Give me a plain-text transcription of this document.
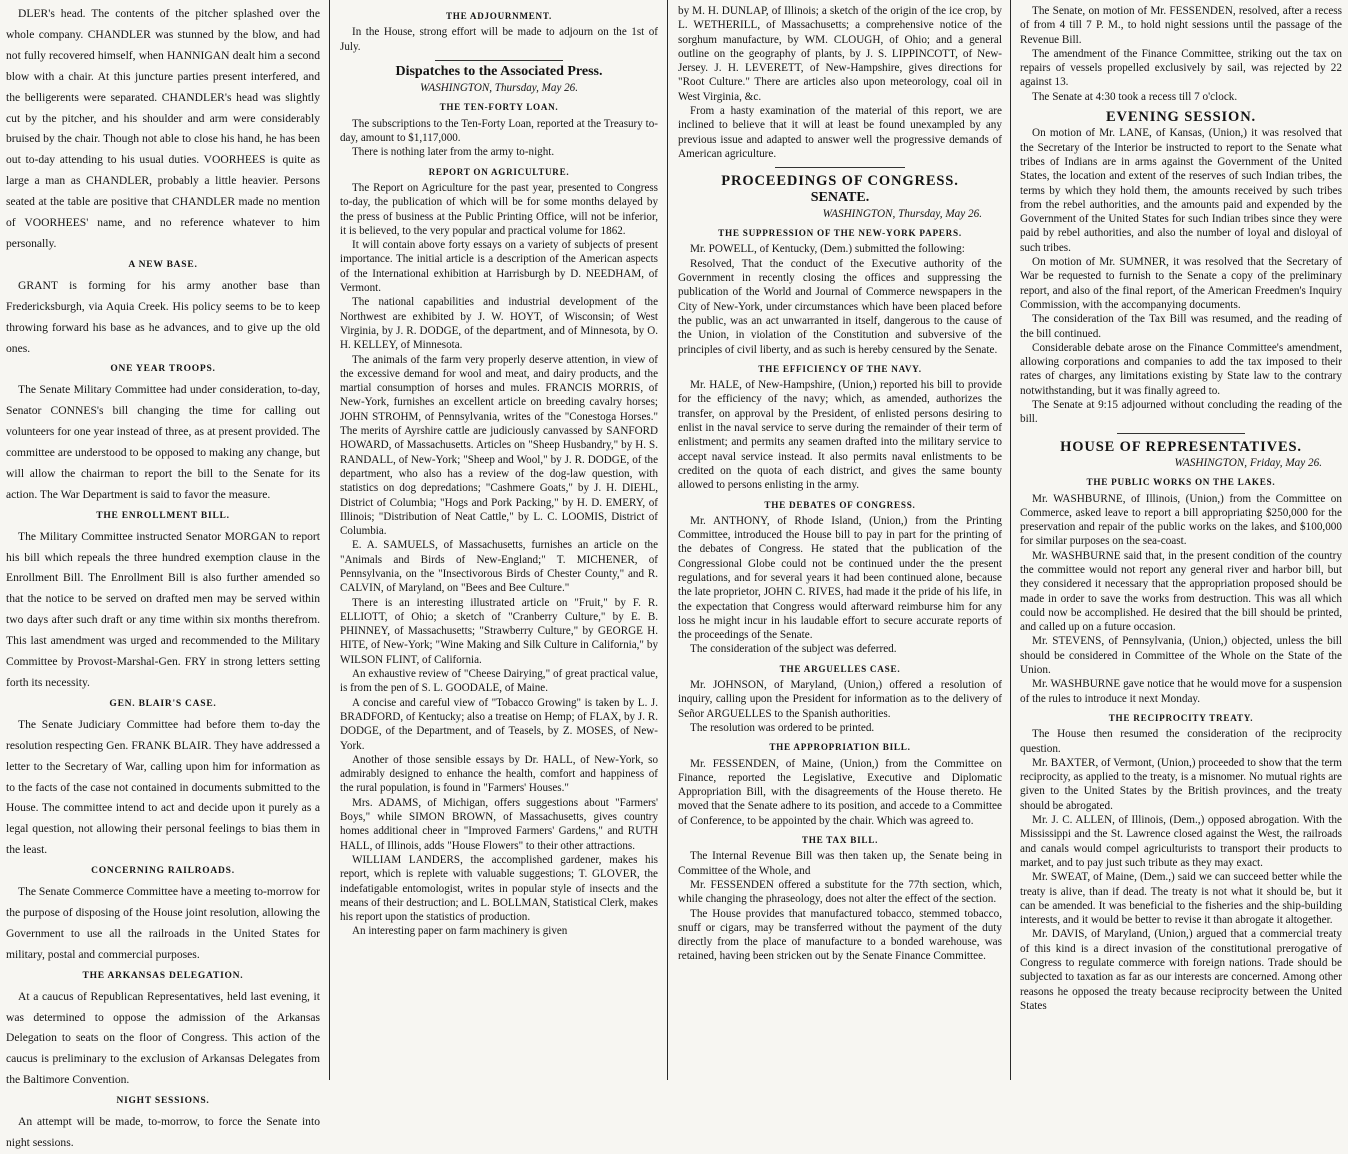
DLER's head. The contents of the pitcher splashed over the whole company. CHANDLER was stunned by the blow, and had not fully recovered himself, when HANNIGAN dealt him a second blow with a chair. At this juncture parties present interfered, and the belligerents were separated. CHANDLER's head was slightly cut by the pitcher, and his shoulder and arm were considerably bruised by the chair. Though not able to close his hand, he has been out to-day attending to his usual duties. VOORHEES is quite as large a man as CHANDLER, probably a little heavier. Persons seated at the table are positive that CHANDLER made no mention of VOORHEES' name, and no reference whatever to him personally.

A NEW BASE.

GRANT is forming for his army another base than Fredericksburgh, via Aquia Creek. His policy seems to be to keep throwing forward his base as he advances, and to give up the old ones.

ONE YEAR TROOPS.

The Senate Military Committee had under consideration, to-day, Senator CONNES's bill changing the time for calling out volunteers for one year instead of three, as at present provided. The committee are understood to be opposed to making any change, but will allow the chairman to report the bill to the Senate for its action. The War Department is said to favor the measure.

THE ENROLLMENT BILL.

The Military Committee instructed Senator MORGAN to report his bill which repeals the three hundred exemption clause in the Enrollment Bill. The Enrollment Bill is also further amended so that the notice to be served on drafted men may be served within two days after such draft or any time within six months therefrom. This last amendment was urged and recommended to the Military Committee by Provost-Marshal-Gen. FRY in strong letters setting forth its necessity.

GEN. BLAIR'S CASE.

The Senate Judiciary Committee had before them to-day the resolution respecting Gen. FRANK BLAIR. They have addressed a letter to the Secretary of War, calling upon him for information as to the facts of the case not contained in documents submitted to the House. The committee intend to act and decide upon it purely as a legal question, not allowing their personal feelings to bias them in the least.

CONCERNING RAILROADS.

The Senate Commerce Committee have a meeting to-morrow for the purpose of disposing of the House joint resolution, allowing the Government to use all the railroads in the United States for military, postal and commercial purposes.

THE ARKANSAS DELEGATION.

At a caucus of Republican Representatives, held last evening, it was determined to oppose the admission of the Arkansas Delegation to seats on the floor of Congress. This action of the caucus is preliminary to the exclusion of Arkansas Delegates from the Baltimore Convention.

NIGHT SESSIONS.

An attempt will be made, to-morrow, to force the Senate into night sessions.

THE ADJOURNMENT.

In the House, strong effort will be made to adjourn on the 1st of July.

Dispatches to the Associated Press.

WASHINGTON, Thursday, May 26.

THE TEN-FORTY LOAN.

The subscriptions to the Ten-Forty Loan, reported at the Treasury to-day, amount to $1,117,000.

There is nothing later from the army to-night.

REPORT ON AGRICULTURE.

The Report on Agriculture for the past year, presented to Congress to-day, the publication of which will be for some months delayed by the press of business at the Public Printing Office, will not be inferior, it is believed, to the very popular and practical volume for 1862.

It will contain above forty essays on a variety of subjects of present importance. The initial article is a description of the American aspects of the International exhibition at Harrisburgh by D. NEEDHAM, of Vermont.

The national capabilities and industrial development of the Northwest are exhibited by J. W. HOYT, of Wisconsin; of West Virginia, by J. R. DODGE, of the department, and of Minnesota, by O. H. KELLEY, of Minnesota.

The animals of the farm very properly deserve attention, in view of the excessive demand for wool and meat, and dairy products, and the martial consumption of horses and mules. FRANCIS MORRIS, of New-York, furnishes an excellent article on breeding cavalry horses; JOHN STROHM, of Pennsylvania, writes of the "Conestoga Horses." The merits of Ayrshire cattle are judiciously canvassed by SANFORD HOWARD, of Massachusetts. Articles on "Sheep Husbandry," by H. S. RANDALL, of New-York; "Sheep and Wool," by J. R. DODGE, of the department, who also has a review of the dog-law question, with statistics on dog depredations; "Cashmere Goats," by J. H. DIEHL, District of Columbia; "Hogs and Pork Packing," by H. D. EMERY, of Illinois; "Distribution of Neat Cattle," by L. C. LOOMIS, District of Columbia.

E. A. SAMUELS, of Massachusetts, furnishes an article on the "Animals and Birds of New-England;" T. MICHENER, of Pennsylvania, on the "Insectivorous Birds of Chester County," and R. CALVIN, of Maryland, on "Bees and Bee Culture."

There is an interesting illustrated article on "Fruit," by F. R. ELLIOTT, of Ohio; a sketch of "Cranberry Culture," by E. B. PHINNEY, of Massachusetts; "Strawberry Culture," by GEORGE H. HITE, of New-York; "Wine Making and Silk Culture in California," by WILSON FLINT, of California.

An exhaustive review of "Cheese Dairying," of great practical value, is from the pen of S. L. GOODALE, of Maine.

A concise and careful view of "Tobacco Growing" is taken by L. J. BRADFORD, of Kentucky; also a treatise on Hemp; of FLAX, by J. R. DODGE, of the Department, and of Teasels, by Z. MOSES, of New-York.

Another of those sensible essays by Dr. HALL, of New-York, so admirably designed to enhance the health, comfort and happiness of the rural population, is found in "Farmers' Houses."

Mrs. ADAMS, of Michigan, offers suggestions about "Farmers' Boys," while SIMON BROWN, of Massachusetts, gives country homes additional cheer in "Improved Farmers' Gardens," and RUTH HALL, of Illinois, adds "House Flowers" to their other attractions.

WILLIAM LANDERS, the accomplished gardener, makes his report, which is replete with valuable suggestions; T. GLOVER, the indefatigable entomologist, writes in popular style of insects and the means of their destruction; and L. BOLLMAN, Statistical Clerk, makes his report upon the statistics of production.

An interesting paper on farm machinery is given

by M. H. DUNLAP, of Illinois; a sketch of the origin of the ice crop, by L. WETHERILL, of Massachusetts; a comprehensive notice of the sorghum manufacture, by WM. CLOUGH, of Ohio; and a general outline on the geography of plants, by J. S. LIPPINCOTT, of New-Jersey. J. H. LEVERETT, of New-Hampshire, gives directions for "Root Culture." There are articles also upon meteorology, coal oil in West Virginia, &c.

From a hasty examination of the material of this report, we are inclined to believe that it will at least be found unexampled by any previous issue and adapted to answer well the progressive demands of American agriculture.

PROCEEDINGS OF CONGRESS.

SENATE.

WASHINGTON, Thursday, May 26.

THE SUPPRESSION OF THE NEW-YORK PAPERS.

Mr. POWELL, of Kentucky, (Dem.) submitted the following:

Resolved, That the conduct of the Executive authority of the Government in recently closing the offices and suppressing the publication of the World and Journal of Commerce newspapers in the City of New-York, under circumstances which have been placed before the public, was an act unwarranted in itself, dangerous to the cause of the Union, in violation of the Constitution and subversive of the principles of civil liberty, and as such is hereby censured by the Senate.

THE EFFICIENCY OF THE NAVY.

Mr. HALE, of New-Hampshire, (Union,) reported his bill to provide for the efficiency of the navy; which, as amended, authorizes the transfer, on approval by the President, of enlisted persons desiring to enlist in the naval service to serve during the remainder of their term of enlistment; and permits any seamen drafted into the military service to accept naval service instead. It also permits naval enlistments to be credited on the quota of each district, and gives the same bounty allowed to persons enlisting in the army.

THE DEBATES OF CONGRESS.

Mr. ANTHONY, of Rhode Island, (Union,) from the Printing Committee, introduced the House bill to pay in part for the printing of the debates of Congress. He stated that the publication of the Congressional Globe could not be continued under the the present regulations, and for several years it had been continued alone, because the late proprietor, JOHN C. RIVES, had made it the pride of his life, in the expectation that Congress would afterward reimburse him for any loss he might incur in his laudable effort to secure accurate reports of the proceedings of the Senate.

The consideration of the subject was deferred.

THE ARGUELLES CASE.

Mr. JOHNSON, of Maryland, (Union,) offered a resolution of inquiry, calling upon the President for information as to the delivery of Señor ARGUELLES to the Spanish authorities.

The resolution was ordered to be printed.

THE APPROPRIATION BILL.

Mr. FESSENDEN, of Maine, (Union,) from the Committee on Finance, reported the Legislative, Executive and Diplomatic Appropriation Bill, with the disagreements of the House thereto. He moved that the Senate adhere to its position, and accede to a Committee of Conference, to be appointed by the chair. Which was agreed to.

THE TAX BILL.

The Internal Revenue Bill was then taken up, the Senate being in Committee of the Whole, and

Mr. FESSENDEN offered a substitute for the 77th section, which, while changing the phraseology, does not alter the effect of the section.

The House provides that manufactured tobacco, stemmed tobacco, snuff or cigars, may be transferred without the payment of the duty directly from the place of manufacture to a bonded warehouse, was retained, having been stricken out by the Senate Finance Committee.

The Senate, on motion of Mr. FESSENDEN, resolved, after a recess of from 4 till 7 P. M., to hold night sessions until the passage of the Revenue Bill.

The amendment of the Finance Committee, striking out the tax on repairs of vessels propelled exclusively by sail, was rejected by 22 against 13.

The Senate at 4:30 took a recess till 7 o'clock.

EVENING SESSION.

On motion of Mr. LANE, of Kansas, (Union,) it was resolved that the Secretary of the Interior be instructed to report to the Senate what tribes of Indians are in arms against the Government of the United States, the location and extent of the reserves of such Indian tribes, the terms by which they hold them, the amounts received by such tribes from the rebel authorities, and the amounts paid and expended by the Government of the United States for such Indian tribes since they were paid by rebel authorities, and also the number of loyal and disloyal of such tribes.

On motion of Mr. SUMNER, it was resolved that the Secretary of War be requested to furnish to the Senate a copy of the preliminary report, and also of the final report, of the American Freedmen's Inquiry Commission, with the accompanying documents.

The consideration of the Tax Bill was resumed, and the reading of the bill continued.

Considerable debate arose on the Finance Committee's amendment, allowing corporations and companies to add the tax imposed to their rates of charges, any limitations existing by State law to the contrary notwithstanding, but it was finally agreed to.

The Senate at 9:15 adjourned without concluding the reading of the bill.

HOUSE OF REPRESENTATIVES.

WASHINGTON, Friday, May 26.

THE PUBLIC WORKS ON THE LAKES.

Mr. WASHBURNE, of Illinois, (Union,) from the Committee on Commerce, asked leave to report a bill appropriating $250,000 for the preservation and repair of the public works on the lakes, and $100,000 for similar purposes on the sea-coast.

Mr. WASHBURNE said that, in the present condition of the country the committee would not report any general river and harbor bill, but they considered it necessary that the appropriation proposed should be made in order to save the works from destruction. This was all which could now be accomplished. He desired that the bill should be printed, and called up on a future occasion.

Mr. STEVENS, of Pennsylvania, (Union,) objected, unless the bill should be considered in Committee of the Whole on the State of the Union.

Mr. WASHBURNE gave notice that he would move for a suspension of the rules to introduce it next Monday.

THE RECIPROCITY TREATY.

The House then resumed the consideration of the reciprocity question.

Mr. BAXTER, of Vermont, (Union,) proceeded to show that the term reciprocity, as applied to the treaty, is a misnomer. No mutual rights are given to the United States by the British provinces, and the treaty should be abrogated.

Mr. J. C. ALLEN, of Illinois, (Dem.,) opposed abrogation. With the Mississippi and the St. Lawrence closed against the West, the railroads and canals would compel agriculturists to transport their products to market, and to pay just such tribute as they may exact.

Mr. SWEAT, of Maine, (Dem.,) said we can succeed better while the treaty is alive, than if dead. The treaty is not what it should be, but it can be amended. It was beneficial to the fisheries and the ship-building interests, and it would be better to revise it than abrogate it altogether.

Mr. DAVIS, of Maryland, (Union,) argued that a commercial treaty of this kind is a direct invasion of the constitutional prerogative of Congress to regulate commerce with foreign nations. Trade should be subjected to taxation as far as our interests are concerned. Among other reasons he opposed the treaty because reciprocity between the United States
